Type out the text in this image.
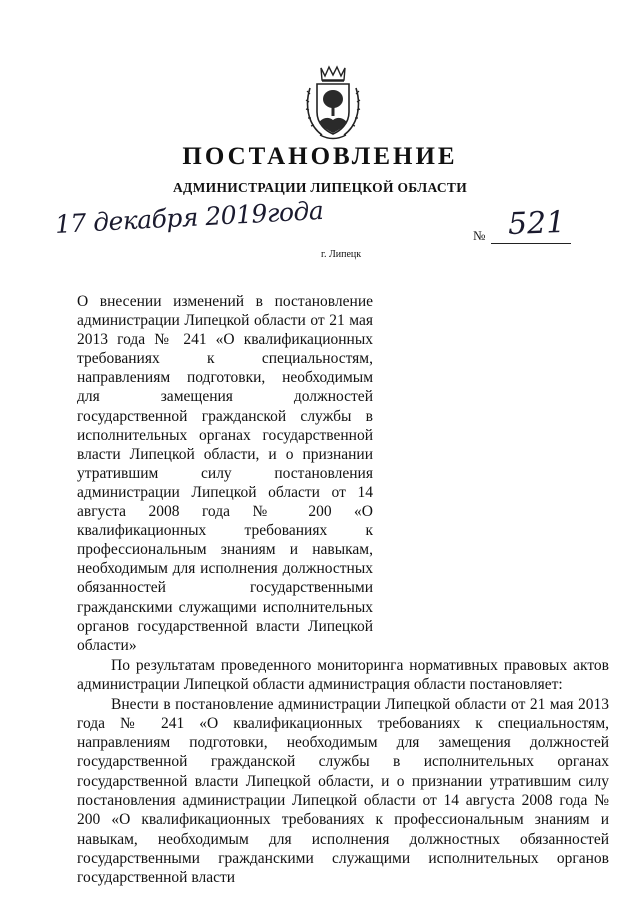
ПОСТАНОВЛЕНИЕ
АДМИНИСТРАЦИИ ЛИПЕЦКОЙ ОБЛАСТИ
17 декабря 2019года
г. Липецк
№ 521
О внесении изменений в постановление администрации Липецкой области от 21 мая 2013 года № 241 «О квалификационных требованиях к специальностям, направлениям подготовки, необходимым для замещения должностей государственной гражданской службы в исполнительных органах государственной власти Липецкой области, и о признании утратившим силу постановления администрации Липецкой области от 14 августа 2008 года № 200 «О квалификационных требованиях к профессиональным знаниям и навыкам, необходимым для исполнения должностных обязанностей государственными гражданскими служащими исполнительных органов государственной власти Липецкой области»

По результатам проведенного мониторинга нормативных правовых актов администрации Липецкой области администрация области постановляет:

Внести в постановление администрации Липецкой области от 21 мая 2013 года № 241 «О квалификационных требованиях к специальностям, направлениям подготовки, необходимым для замещения должностей государственной гражданской службы в исполнительных органах государственной власти Липецкой области, и о признании утратившим силу постановления администрации Липецкой области от 14 августа 2008 года № 200 «О квалификационных требованиях к профессиональным знаниям и навыкам, необходимым для исполнения должностных обязанностей государственными гражданскими служащими исполнительных органов государственной власти
